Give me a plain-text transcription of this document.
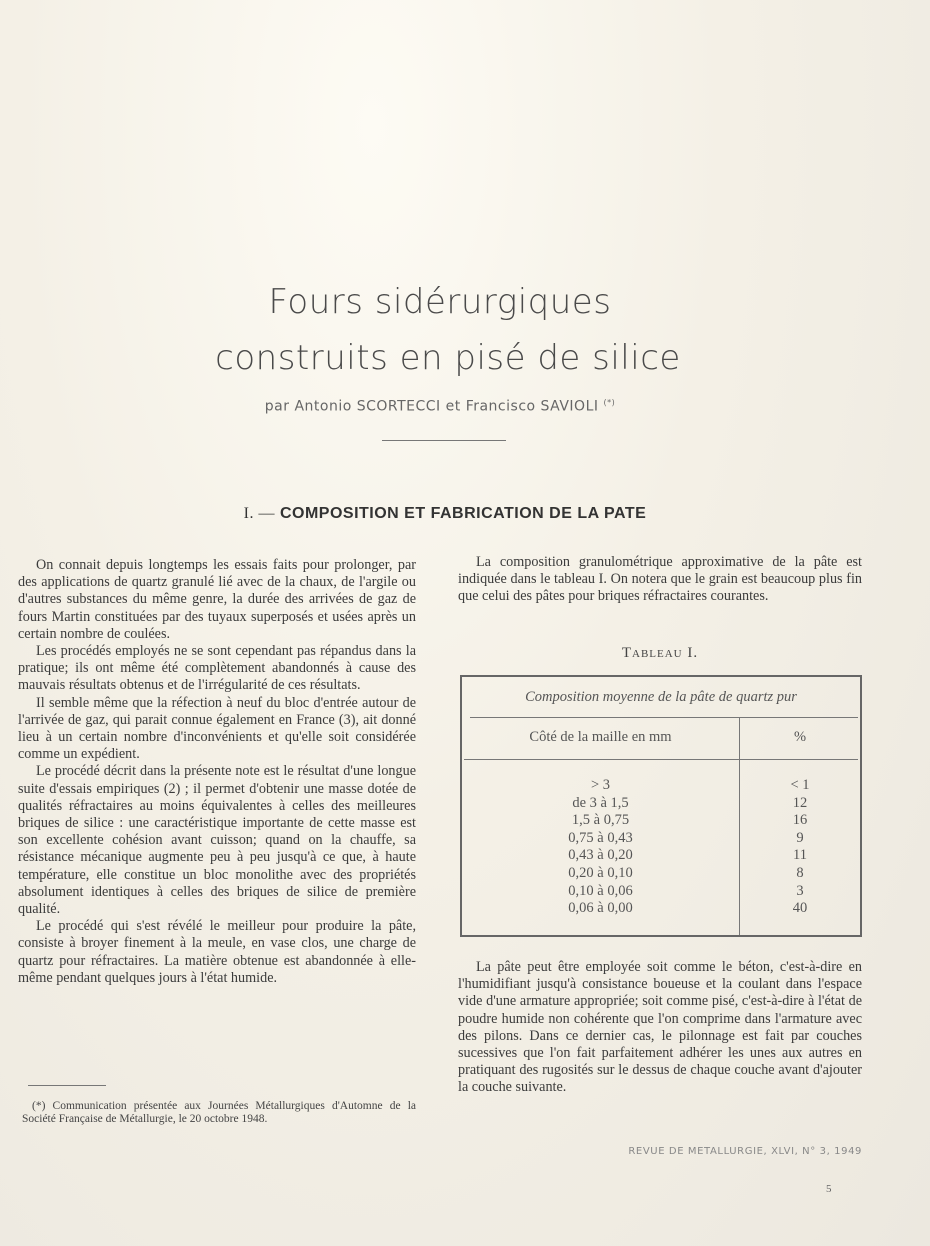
Fours sidérurgiques
construits en pisé de silice
par Antonio SCORTECCI et Francisco SAVIOLI (*)
I. — COMPOSITION ET FABRICATION DE LA PATE

On connait depuis longtemps les essais faits pour prolonger, par des applications de quartz granulé lié avec de la chaux, de l'argile ou d'autres substances du même genre, la durée des arrivées de gaz de fours Martin constituées par des tuyaux superposés et usées après un certain nombre de coulées.

Les procédés employés ne se sont cependant pas répandus dans la pratique; ils ont même été complètement abandonnés à cause des mauvais résultats obtenus et de l'irrégularité de ces résultats.

Il semble même que la réfection à neuf du bloc d'entrée autour de l'arrivée de gaz, qui parait connue également en France (3), ait donné lieu à un certain nombre d'inconvénients et qu'elle soit considérée comme un expédient.

Le procédé décrit dans la présente note est le résultat d'une longue suite d'essais empiriques (2) ; il permet d'obtenir une masse dotée de qualités réfractaires au moins équivalentes à celles des meilleures briques de silice : une caractéristique importante de cette masse est son excellente cohésion avant cuisson; quand on la chauffe, sa résistance mécanique augmente peu à peu jusqu'à ce que, à haute température, elle constitue un bloc monolithe avec des propriétés absolument identiques à celles des briques de silice de première qualité.

Le procédé qui s'est révélé le meilleur pour produire la pâte, consiste à broyer finement à la meule, en vase clos, une charge de quartz pour réfractaires. La matière obtenue est abandonnée à elle-même pendant quelques jours à l'état humide.

(*) Communication présentée aux Journées Métallurgiques d'Automne de la Société Française de Métallurgie, le 20 octobre 1948.

La composition granulométrique approximative de la pâte est indiquée dans le tableau I. On notera que le grain est beaucoup plus fin que celui des pâtes pour briques réfractaires courantes.

Tableau I.
Composition moyenne de la pâte de quartz pur
Côté de la maille en mm	%
> 3	< 1
de 3 à 1,5	12
1,5 à 0,75	16
0,75 à 0,43	9
0,43 à 0,20	11
0,20 à 0,10	8
0,10 à 0,06	3
0,06 à 0,00	40

La pâte peut être employée soit comme le béton, c'est-à-dire en l'humidifiant jusqu'à consistance boueuse et la coulant dans l'espace vide d'une armature appropriée; soit comme pisé, c'est-à-dire à l'état de poudre humide non cohérente que l'on comprime dans l'armature avec des pilons. Dans ce dernier cas, le pilonnage est fait par couches sucessives que l'on fait parfaitement adhérer les unes aux autres en pratiquant des rugosités sur le dessus de chaque couche avant d'ajouter la couche suivante.

REVUE DE METALLURGIE, XLVI, N° 3, 1949
5
